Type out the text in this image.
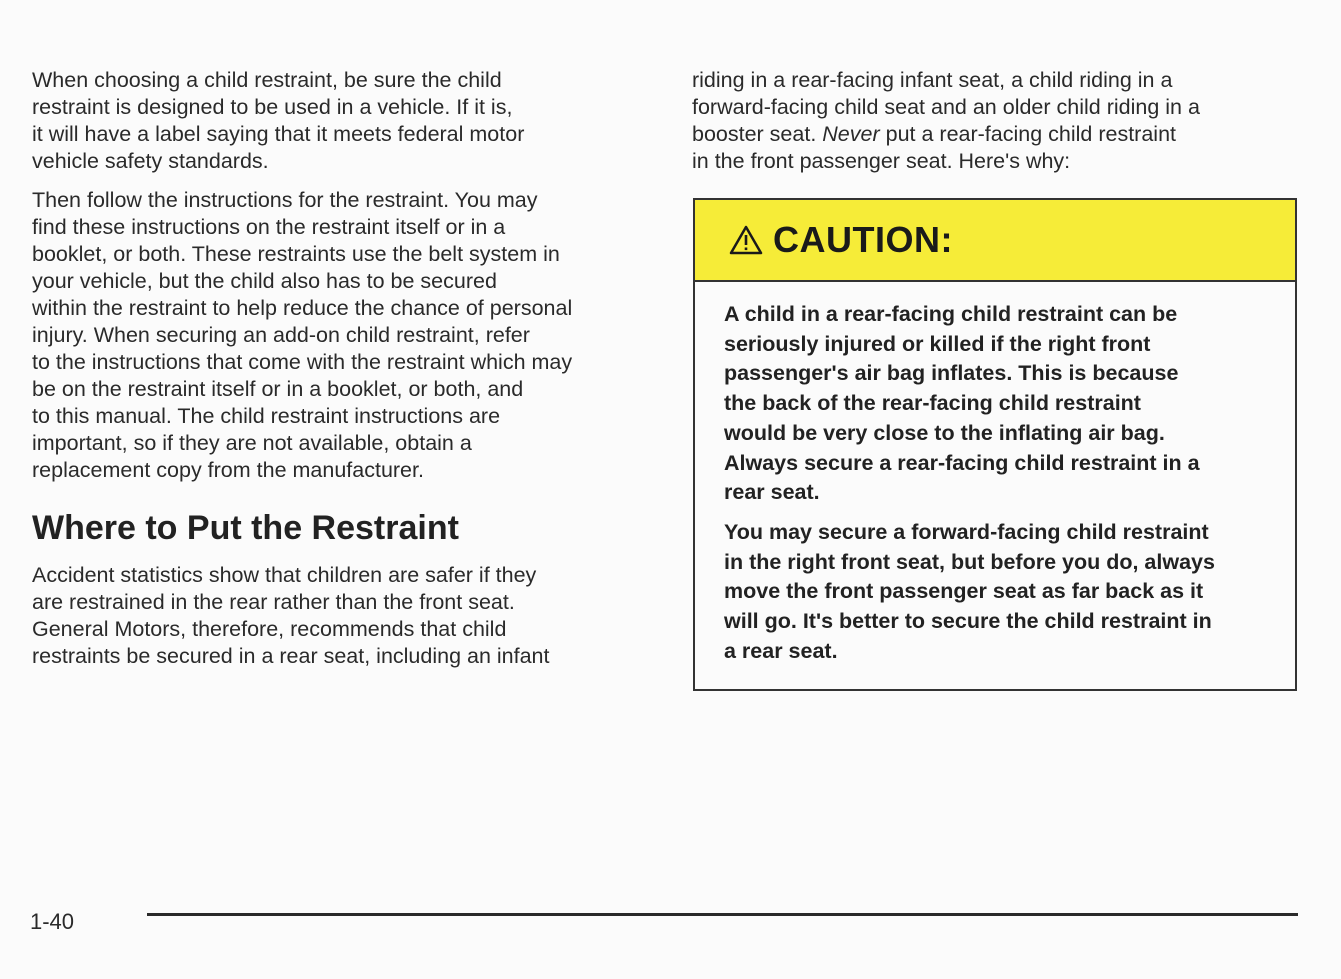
When choosing a child restraint, be sure the child
restraint is designed to be used in a vehicle. If it is,
it will have a label saying that it meets federal motor
vehicle safety standards.

Then follow the instructions for the restraint. You may
find these instructions on the restraint itself or in a
booklet, or both. These restraints use the belt system in
your vehicle, but the child also has to be secured
within the restraint to help reduce the chance of personal
injury. When securing an add-on child restraint, refer
to the instructions that come with the restraint which may
be on the restraint itself or in a booklet, or both, and
to this manual. The child restraint instructions are
important, so if they are not available, obtain a
replacement copy from the manufacturer.

Where to Put the Restraint

Accident statistics show that children are safer if they
are restrained in the rear rather than the front seat.
General Motors, therefore, recommends that child
restraints be secured in a rear seat, including an infant

riding in a rear-facing infant seat, a child riding in a
forward-facing child seat and an older child riding in a
booster seat. Never put a rear-facing child restraint
in the front passenger seat. Here's why:

CAUTION:

A child in a rear-facing child restraint can be
seriously injured or killed if the right front
passenger's air bag inflates. This is because
the back of the rear-facing child restraint
would be very close to the inflating air bag.
Always secure a rear-facing child restraint in a
rear seat.

You may secure a forward-facing child restraint
in the right front seat, but before you do, always
move the front passenger seat as far back as it
will go. It's better to secure the child restraint in
a rear seat.

1-40
